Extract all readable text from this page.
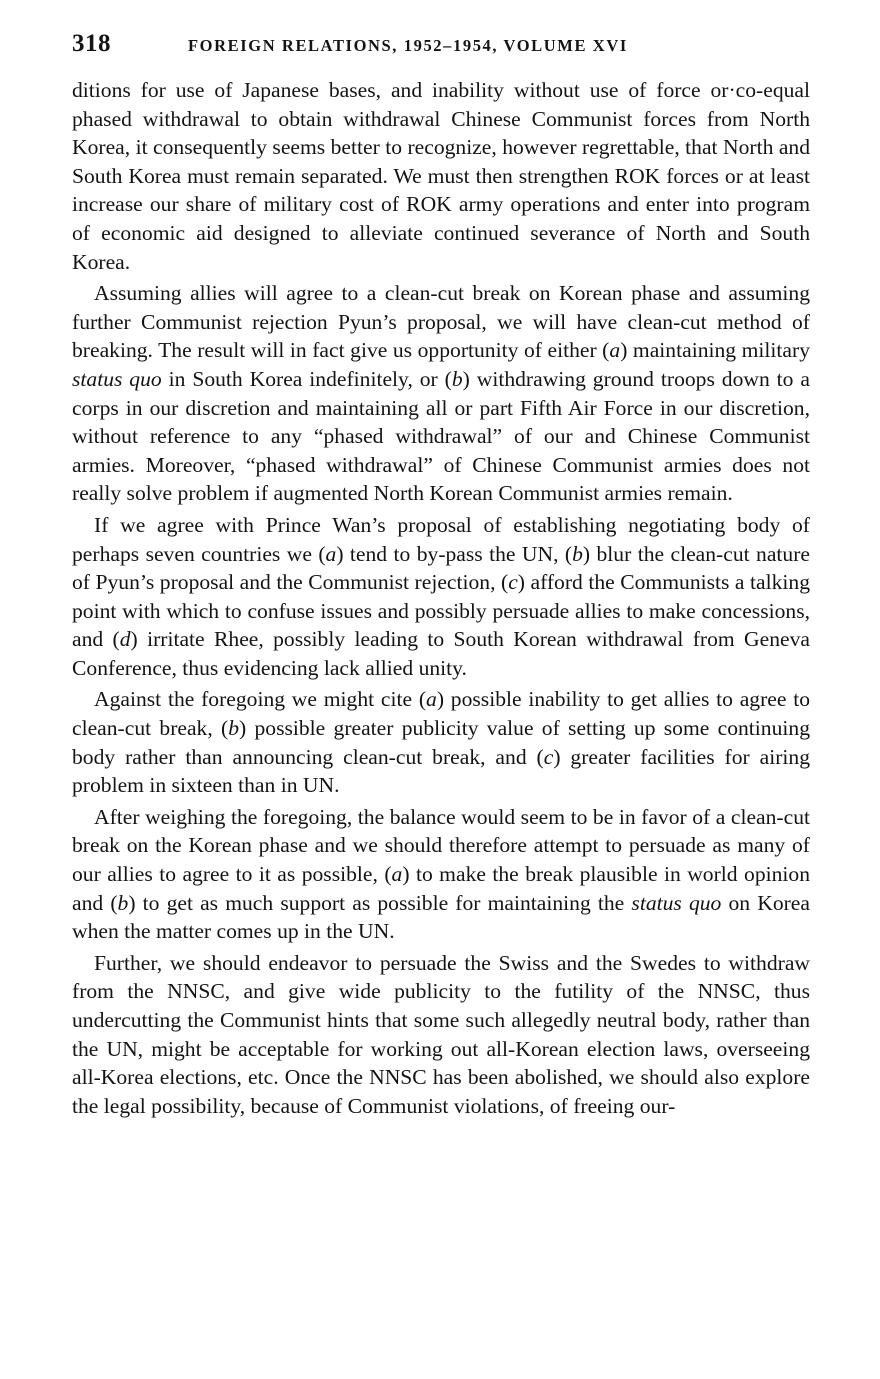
318	FOREIGN RELATIONS, 1952–1954, VOLUME XVI

ditions for use of Japanese bases, and inability without use of force or·co-equal phased withdrawal to obtain withdrawal Chinese Communist forces from North Korea, it consequently seems better to recognize, however regrettable, that North and South Korea must remain separated. We must then strengthen ROK forces or at least increase our share of military cost of ROK army operations and enter into program of economic aid designed to alleviate continued severance of North and South Korea.

Assuming allies will agree to a clean-cut break on Korean phase and assuming further Communist rejection Pyun’s proposal, we will have clean-cut method of breaking. The result will in fact give us opportunity of either (a) maintaining military status quo in South Korea indefinitely, or (b) withdrawing ground troops down to a corps in our discretion and maintaining all or part Fifth Air Force in our discretion, without reference to any “phased withdrawal” of our and Chinese Communist armies. Moreover, “phased withdrawal” of Chinese Communist armies does not really solve problem if augmented North Korean Communist armies remain.

If we agree with Prince Wan’s proposal of establishing negotiating body of perhaps seven countries we (a) tend to by-pass the UN, (b) blur the clean-cut nature of Pyun’s proposal and the Communist rejection, (c) afford the Communists a talking point with which to confuse issues and possibly persuade allies to make concessions, and (d) irritate Rhee, possibly leading to South Korean withdrawal from Geneva Conference, thus evidencing lack allied unity.

Against the foregoing we might cite (a) possible inability to get allies to agree to clean-cut break, (b) possible greater publicity value of setting up some continuing body rather than announcing clean-cut break, and (c) greater facilities for airing problem in sixteen than in UN.

After weighing the foregoing, the balance would seem to be in favor of a clean-cut break on the Korean phase and we should therefore attempt to persuade as many of our allies to agree to it as possible, (a) to make the break plausible in world opinion and (b) to get as much support as possible for maintaining the status quo on Korea when the matter comes up in the UN.

Further, we should endeavor to persuade the Swiss and the Swedes to withdraw from the NNSC, and give wide publicity to the futility of the NNSC, thus undercutting the Communist hints that some such allegedly neutral body, rather than the UN, might be acceptable for working out all-Korean election laws, overseeing all-Korea elections, etc. Once the NNSC has been abolished, we should also explore the legal possibility, because of Communist violations, of freeing our-
